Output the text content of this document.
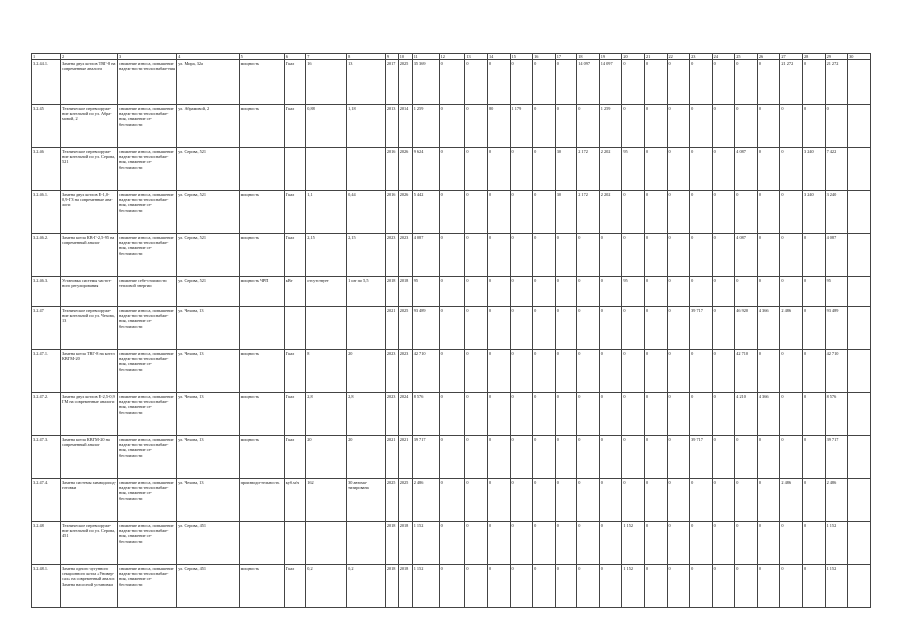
1	2	3	4	5	6	7	8	9	10	11	12	13	14	15	16	17	18	19	20	21	22	23	24	25	26	27	28	29	30
3.2.44.1.	Замена двух котлов ТВГ-8 на современные аналоги	снижение износа, повышение надеж-ности теплоснабже-ния	ул. Мира, 32а	мощность	Гкал	16	13	2017	2025	35 369	0	0	0	0	0	0	14 097	14 097	0	0	0	0	0	0	0	21 272	0	21 272	
3.2.45	Техническое перевооруже-ние котельной по ул. Абра-мовой, 2	снижение износа, повышение надеж-ности теплоснабже-ния, снижение се-бестоимости	ул. Абрамовой, 2	мощность	Гкал	0,88	1,18	2013	2014	1 259	0	0	80	1 179	0	0	0	1 259	0	0	0	0	0	0	0	0	0	0	
3.2.46	Техническое перевооруже-ние котельной по ул. Серова, 521	снижение износа, повышение надеж-ности теплоснабже-ния, снижение се-бестоимости	ул. Серова, 521					2016	2026	9 624	0	0	0	0	0	30	2 172	2 202	95	0	0	0	0	4 087	0	0	3 240	7 422	
3.2.46.1.	Замена двух котлов Е-1,0-0,9-ГЗ на современные ана-логи	снижение износа, повышение надеж-ности теплоснабже-ния, снижение се-бестоимости	ул. Серова, 521	мощность	Гкал	1,1	0,44	2016	2026	5 442	0	0	0	0	0	30	2 172	2 202	0	0	0	0	0	0	0	0	3 240	3 240	
3.2.46.2.	Замена котла КВ-Г-2,5-95 на современный аналог	снижение износа, повышение надеж-ности теплоснабже-ния, снижение се-бестоимости	ул. Серова, 521	мощность	Гкал	2,15	2,15	2023	2023	4 087	0	0	0	0	0	0	0	0	0	0	0	0	0	4 087	0	0	0	4 087	
3.2.46.3.	Установка системы частот-ного регулирования	снижение себе-стоимости тепловой энергии	ул. Серова, 521	мощность ЧРП	кВт	отсутствует	1 шт по 5,5	2018	2018	95	0	0	0	0	0	0	0	0	95	0	0	0	0	0	0	0	0	95	
3.2.47	Техническое перевооруже-ние котельной по ул. Чехова, 13	снижение износа, повышение надеж-ности теплоснабже-ния, снижение се-бестоимости	ул. Чехова, 13					2021	2025	93 489	0	0	0	0	0	0	0	0	0	0	0	39 717	0	46 920	4 366	2 486	0	93 489	
3.2.47.1.	Замена котла ТВГ-8 на котел КВГМ-20	снижение износа, повышение надеж-ности теплоснабже-ния, снижение се-бестоимости	ул. Чехова, 13	мощность	Гкал	8	20	2023	2023	42 710	0	0	0	0	0	0	0	0	0	0	0	0	0	42 710	0	0	0	42 710	
3.2.47.2.	Замена двух котлов Е-2,5-0,9 ГМ на современные аналоги	снижение износа, повышение надеж-ности теплоснабже-ния, снижение се-бестоимости	ул. Чехова, 13	мощность	Гкал	2,8	2,8	2023	2024	8 576	0	0	0	0	0	0	0	0	0	0	0	0	0	4 210	4 366	0	0	8 576	
3.2.47.3.	Замена котла КВГМ-20 на современный аналог	снижение износа, повышение надеж-ности теплоснабже-ния, снижение се-бестоимости	ул. Чехова, 13	мощность	Гкал	20	20	2021	2021	39 717	0	0	0	0	0	0	0	0	0	0	0	39 717	0	0	0	0	0	39 717	
3.2.47.4.	Замена системы химводопод-готовки	снижение износа, повышение надеж-ности теплоснабже-ния, снижение се-бестоимости	ул. Чехова, 13	производи-тельность	куб.м/ч	162	30 автома-тизирована	2025	2025	2 486	0	0	0	0	0	0	0	0	0	0	0	0	0	0	0	2 486	0	2 486	
3.2.48	Техническое перевооруже-ние котельной по ул. Серова, 451	снижение износа, повышение надеж-ности теплоснабже-ния, снижение се-бестоимости	ул. Серова, 451					2018	2018	1 152	0	0	0	0	0	0	0	0	1 152	0	0	0	0	0	0	0	0	1 152	
3.2.48.1.	Замена одного чугунного секционного котла «Универ-сал» на современный аналог. Замена насосной установки	снижение износа, повышение надеж-ности теплоснабже-ния, снижение се-бестоимости	ул. Серова, 451	мощность	Гкал	0,2	0,2	2018	2018	1 152	0	0	0	0	0	0	0	0	1 152	0	0	0	0	0	0	0	0	1 152	
